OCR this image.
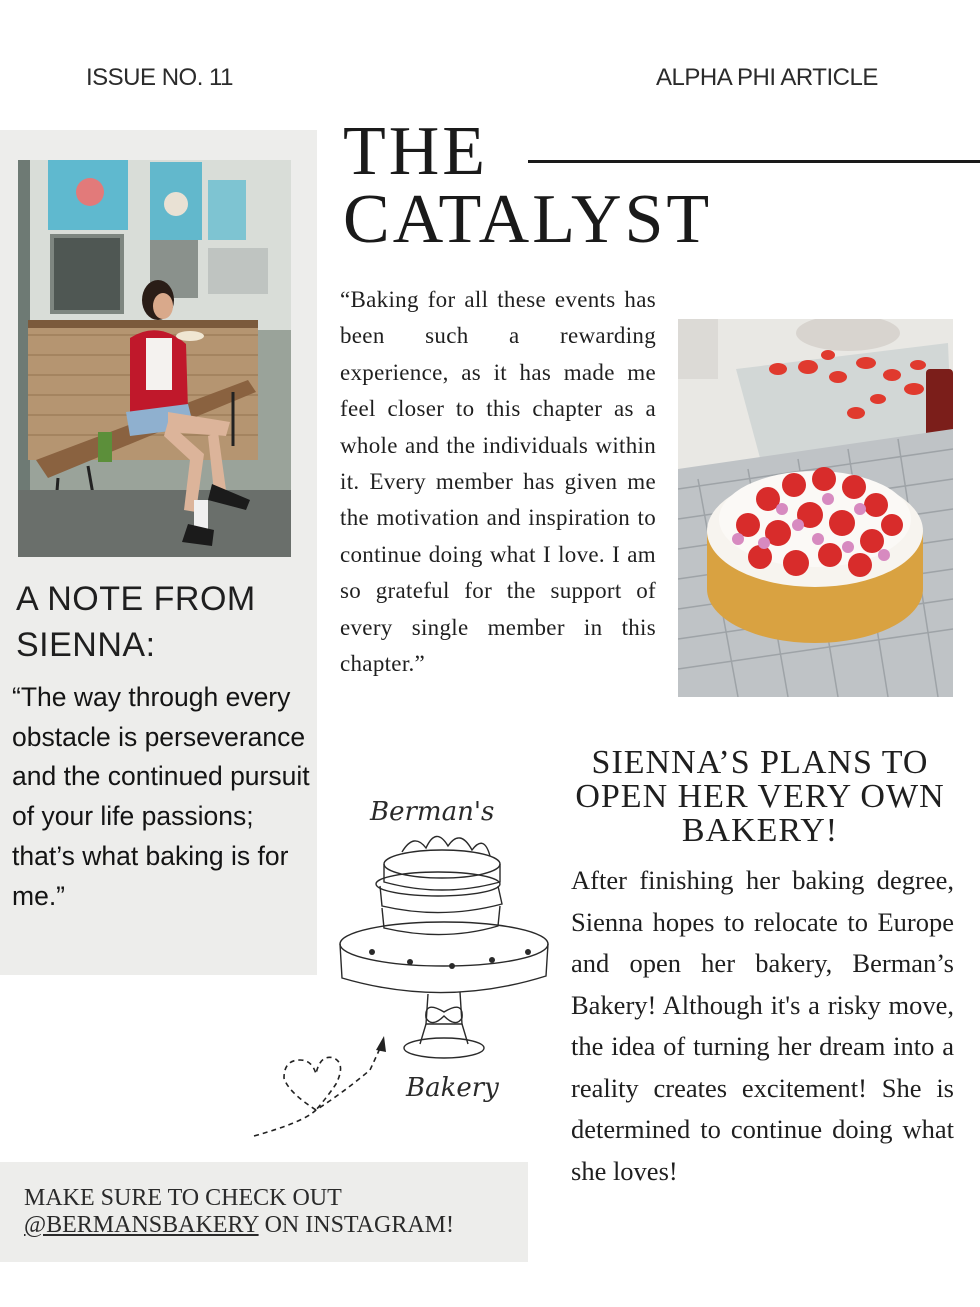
ISSUE NO. 11	ALPHA PHI ARTICLE
THE
CATALYST
“Baking for all these events has been such a rewarding experience, as it has made me feel closer to this chapter as a whole and the individuals within it. Every member has given me the motivation and inspiration to continue doing what I love. I am so grateful for the support of every single member in this chapter.”
A NOTE FROM
SIENNA:
“The way through every obstacle is perseverance and the continued pursuit of your life passions; that’s what baking is for me.”
SIENNA’S PLANS TO OPEN HER VERY OWN BAKERY!
After finishing her baking degree, Sienna hopes to relocate to Europe and open her bakery, Berman’s Bakery! Although it's a risky move, the idea of turning her dream into a reality creates excitement! She is determined to continue doing what she loves!
Berman's
Bakery
MAKE SURE TO CHECK OUT
@BERMANSBAKERY ON INSTAGRAM!
